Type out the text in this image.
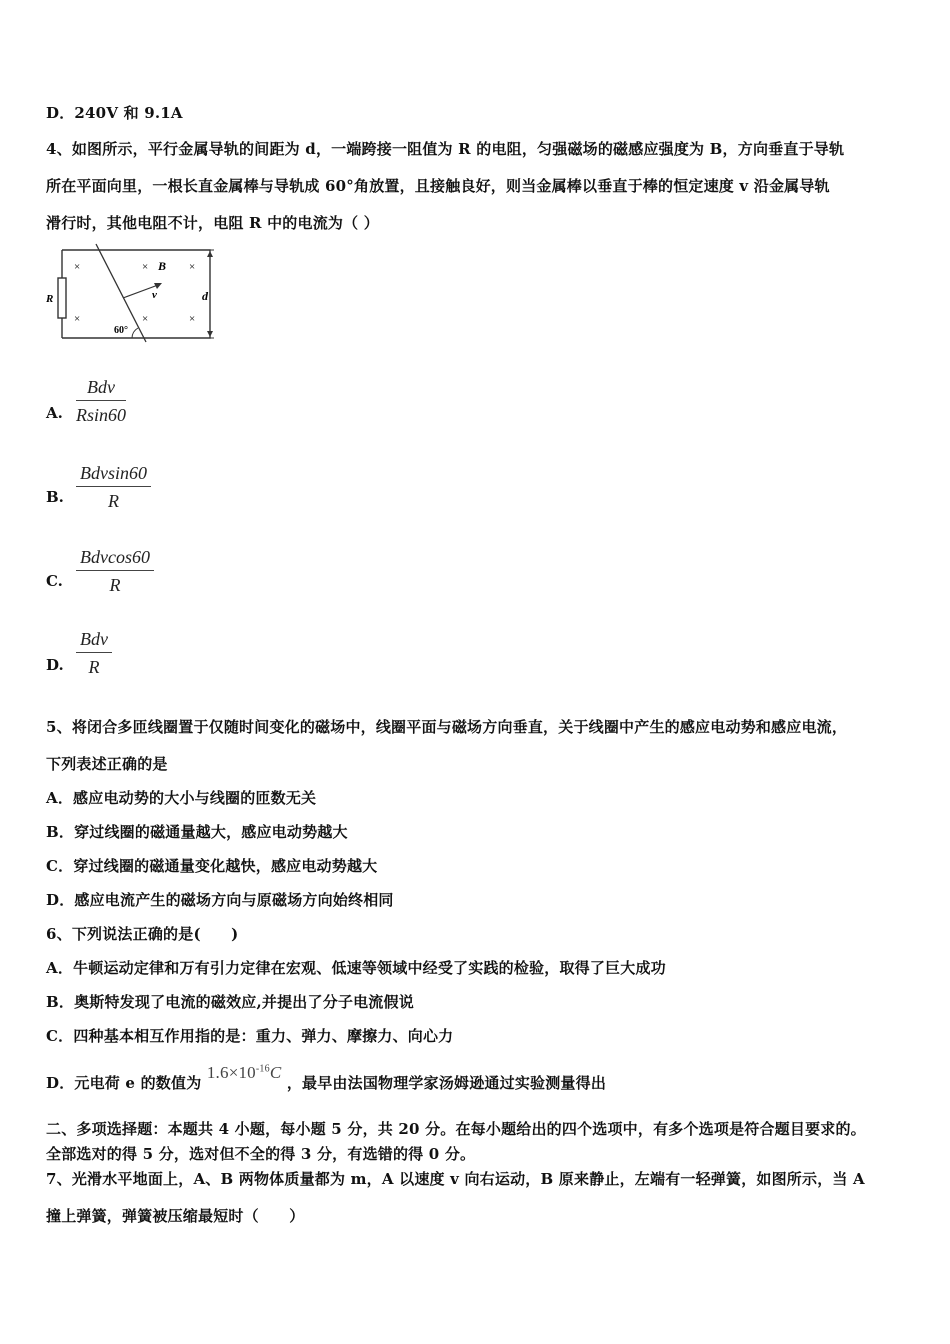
D．240V 和 9.1A
4、如图所示，平行金属导轨的间距为 d，一端跨接一阻值为 R 的电阻，匀强磁场的磁感应强度为 B，方向垂直于导轨
所在平面向里，一根长直金属棒与导轨成 60°角放置，且接触良好，则当金属棒以垂直于棒的恒定速度 v 沿金属导轨
滑行时，其他电阻不计，电阻 R 中的电流为（ ）
R
×	×	×
×	×	×
B
v
60°
d
A.
Bdv
Rsin60
B.
Bdvsin60
R
C.
Bdvcos60
R
D.
Bdv
R
5、将闭合多匝线圈置于仅随时间变化的磁场中，线圈平面与磁场方向垂直，关于线圈中产生的感应电动势和感应电流，
下列表述正确的是
A．感应电动势的大小与线圈的匝数无关
B．穿过线圈的磁通量越大，感应电动势越大
C．穿过线圈的磁通量变化越快，感应电动势越大
D．感应电流产生的磁场方向与原磁场方向始终相同
6、下列说法正确的是(　　)
A．牛顿运动定律和万有引力定律在宏观、低速等领域中经受了实践的检验，取得了巨大成功
B．奥斯特发现了电流的磁效应,并提出了分子电流假说
C．四种基本相互作用指的是：重力、弹力、摩擦力、向心力
D．元电荷 e 的数值为 $1.6\times 10^{-16}C$ ，最早由法国物理学家汤姆逊通过实验测量得出
二、多项选择题：本题共 4 小题，每小题 5 分，共 20 分。在每小题给出的四个选项中，有多个选项是符合题目要求的。
全部选对的得 5 分，选对但不全的得 3 分，有选错的得 0 分。
7、光滑水平地面上，A、B 两物体质量都为 m，A 以速度 v 向右运动，B 原来静止，左端有一轻弹簧，如图所示，当 A
撞上弹簧，弹簧被压缩最短时（　　）
